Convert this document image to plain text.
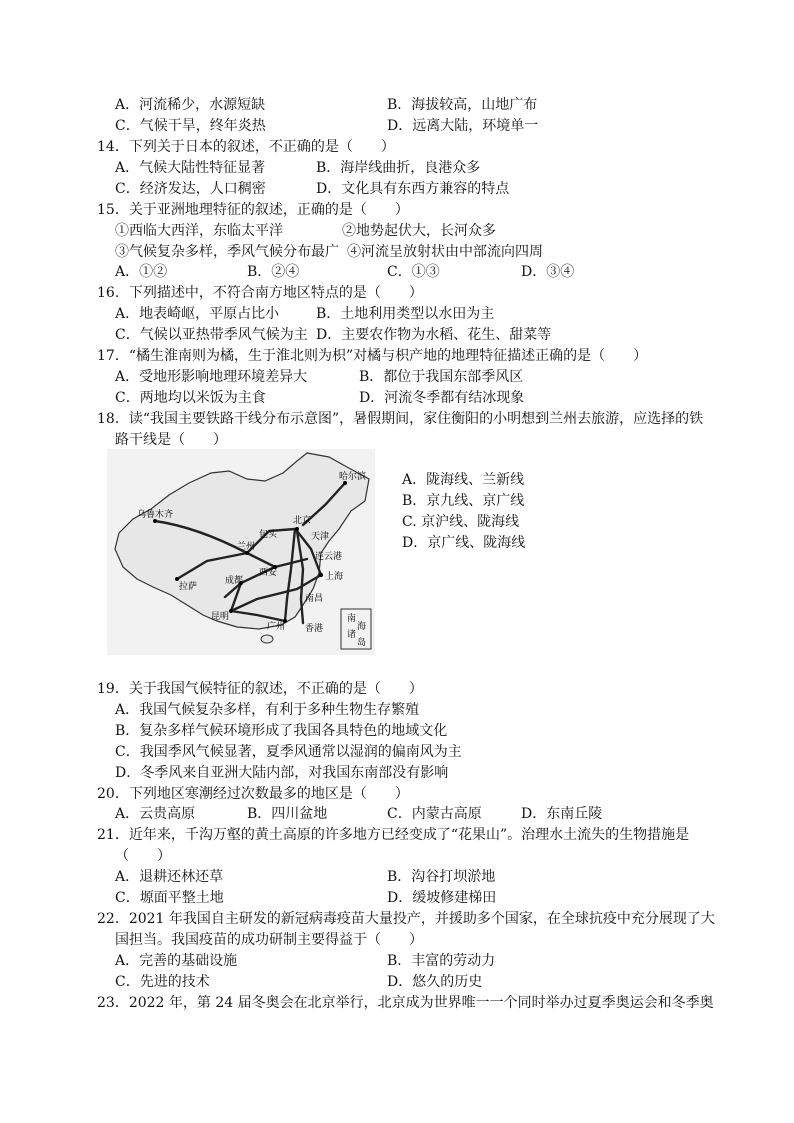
A．河流稀少，水源短缺	B．海拔较高，山地广布
C．气候干旱，终年炎热	D．远离大陆，环境单一
14．下列关于日本的叙述，不正确的是（　　）
A．气候大陆性特征显著	B．海岸线曲折，良港众多
C．经济发达，人口稠密	D．文化具有东西方兼容的特点
15．关于亚洲地理特征的叙述，正确的是（　　）
①西临大西洋，东临太平洋	②地势起伏大，长河众多
③气候复杂多样，季风气候分布最广 ④河流呈放射状由中部流向四周
A．①②	B．②④	C．①③	D．③④
16．下列描述中，不符合南方地区特点的是（　　）
A．地表崎岖，平原占比小	B．土地利用类型以水田为主
C．气候以亚热带季风气候为主 D．主要农作物为水稻、花生、甜菜等
17．“橘生淮南则为橘，生于淮北则为枳”对橘与枳产地的地理特征描述正确的是（　　）
A．受地形影响地理环境差异大	B．都位于我国东部季风区
C．两地均以米饭为主食	D．河流冬季都有结冰现象
18．读“我国主要铁路干线分布示意图”，暑假期间，家住衡阳的小明想到兰州去旅游，应选择的铁
路干线是（　　）
哈尔滨
乌鲁木齐
北京
包头	天津
兰州
连云港
西安	上海
成都
拉萨
南昌
昆明
广州 香港
南
海
诸
岛
A．陇海线、兰新线
B．京九线、京广线
C. 京沪线、陇海线
D．京广线、陇海线
19．关于我国气候特征的叙述，不正确的是（　　）
A．我国气候复杂多样，有利于多种生物生存繁殖
B．复杂多样气候环境形成了我国各具特色的地域文化
C．我国季风气候显著，夏季风通常以湿润的偏南风为主
D．冬季风来自亚洲大陆内部，对我国东南部没有影响
20．下列地区寒潮经过次数最多的地区是（　　）
A．云贵高原	B．四川盆地	C．内蒙古高原	D．东南丘陵
21．近年来，千沟万壑的黄土高原的许多地方已经变成了“花果山”。治理水土流失的生物措施是
（　　）
A．退耕还林还草	B．沟谷打坝淤地
C．塬面平整土地	D．缓坡修建梯田
22．2021 年我国自主研发的新冠病毒疫苗大量投产，并援助多个国家，在全球抗疫中充分展现了大
国担当。我国疫苗的成功研制主要得益于（　　）
A．完善的基础设施	B．丰富的劳动力
C．先进的技术	D．悠久的历史
23．2022 年，第 24 届冬奥会在北京举行，北京成为世界唯一一个同时举办过夏季奥运会和冬季奥
